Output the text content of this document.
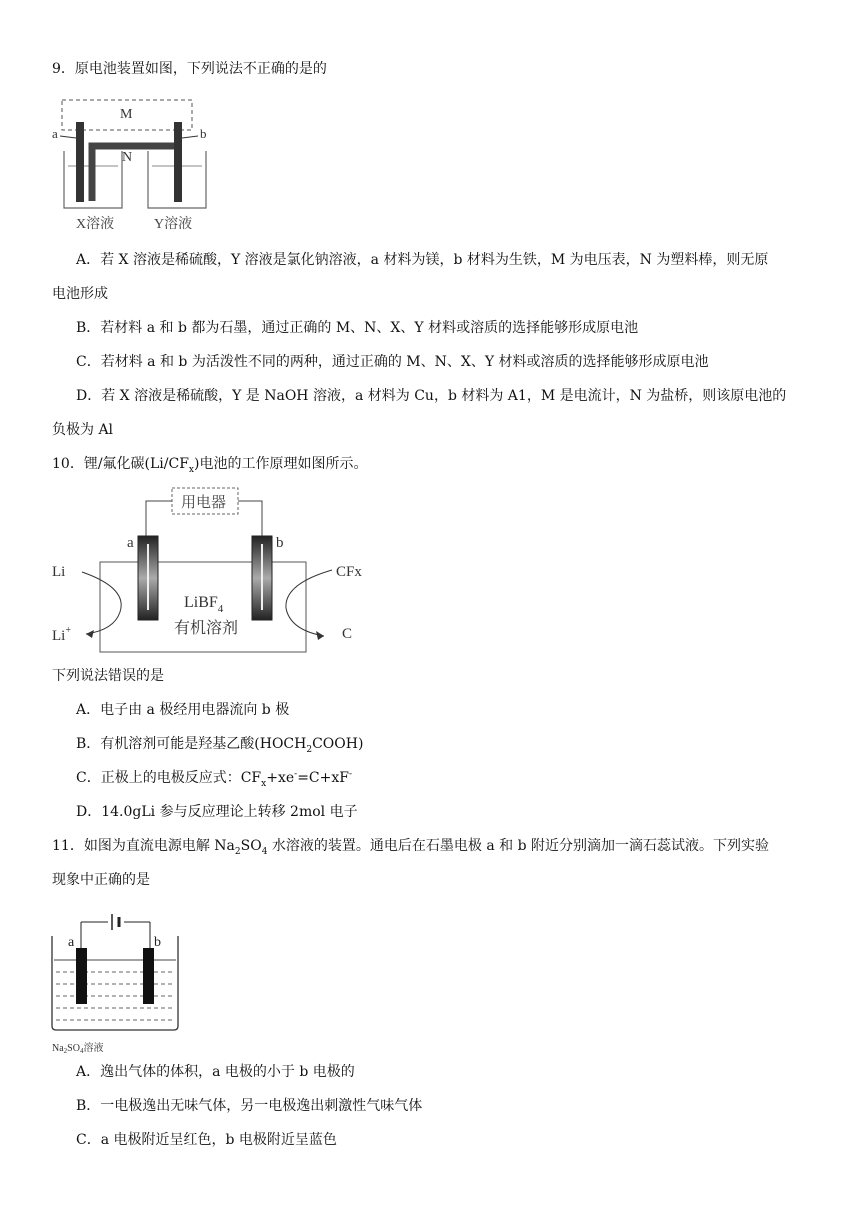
9．原电池装置如图，下列说法不正确的是的
M
N
a	b
X溶液	Y溶液
A．若 X 溶液是稀硫酸，Y 溶液是氯化钠溶液，a 材料为镁，b 材料为生铁，M 为电压表，N 为塑料棒，则无原
电池形成
B．若材料 a 和 b 都为石墨，通过正确的 M、N、X、Y 材料或溶质的选择能够形成原电池
C．若材料 a 和 b 为活泼性不同的两种，通过正确的 M、N、X、Y 材料或溶质的选择能够形成原电池
D．若 X 溶液是稀硫酸，Y 是 NaOH 溶液，a 材料为 Cu，b 材料为 A1，M 是电流计，N 为盐桥，则该原电池的
负极为 Al
10．锂/氟化碳$(Li/CF_x)$电池的工作原理如图所示。
用电器
a	b
Li
Li+
CFx
C
LiBF$_4$
有机溶剂
下列说法错误的是
A．电子由 a 极经用电器流向 b 极
B．有机溶剂可能是羟基乙酸$(HOCH_2COOH)$
C．正极上的电极反应式：$CF_x+xe^-=C+xF^-$
D．14.0gLi 参与反应理论上转移 2mol 电子
11．如图为直流电源电解 $Na_2SO_4$ 水溶液的装置。通电后在石墨电极 a 和 b 附近分别滴加一滴石蕊试液。下列实验
现象中正确的是
a	b
$Na_2SO_4$溶液
A．逸出气体的体积，a 电极的小于 b 电极的
B．一电极逸出无味气体，另一电极逸出刺激性气味气体
C．a 电极附近呈红色，b 电极附近呈蓝色
